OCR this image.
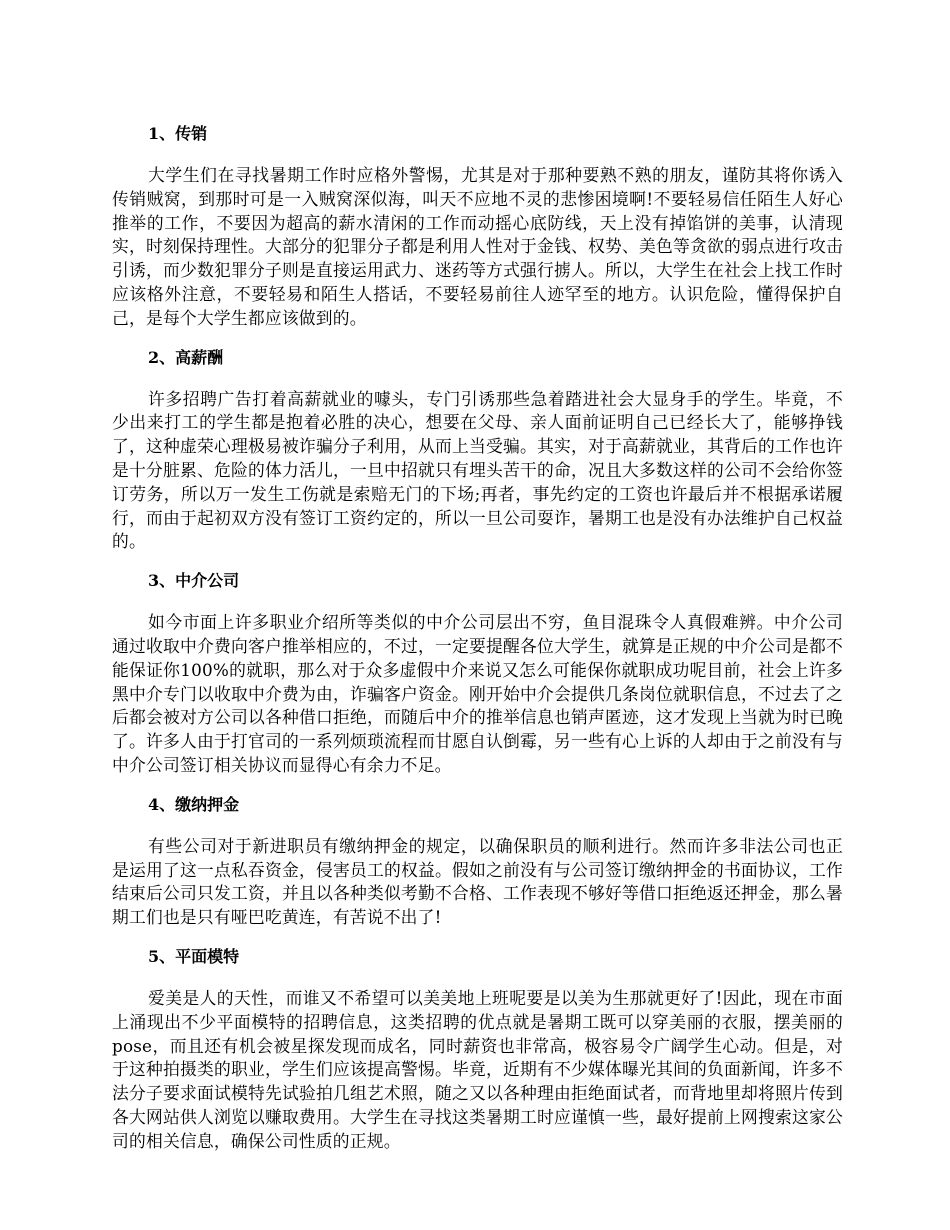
1、传销

大学生们在寻找暑期工作时应格外警惕，尤其是对于那种要熟不熟的朋友，谨防其将你诱入传销贼窝，到那时可是一入贼窝深似海，叫天不应地不灵的悲惨困境啊!不要轻易信任陌生人好心推举的工作，不要因为超高的薪水清闲的工作而动摇心底防线，天上没有掉馅饼的美事，认清现实，时刻保持理性。大部分的犯罪分子都是利用人性对于金钱、权势、美色等贪欲的弱点进行攻击引诱，而少数犯罪分子则是直接运用武力、迷药等方式强行掳人。所以，大学生在社会上找工作时应该格外注意，不要轻易和陌生人搭话，不要轻易前往人迹罕至的地方。认识危险，懂得保护自己，是每个大学生都应该做到的。

2、高薪酬

许多招聘广告打着高薪就业的噱头，专门引诱那些急着踏进社会大显身手的学生。毕竟，不少出来打工的学生都是抱着必胜的决心，想要在父母、亲人面前证明自己已经长大了，能够挣钱了，这种虚荣心理极易被诈骗分子利用，从而上当受骗。其实，对于高薪就业，其背后的工作也许是十分脏累、危险的体力活儿，一旦中招就只有埋头苦干的命，况且大多数这样的公司不会给你签订劳务，所以万一发生工伤就是索赔无门的下场;再者，事先约定的工资也许最后并不根据承诺履行，而由于起初双方没有签订工资约定的，所以一旦公司耍诈，暑期工也是没有办法维护自己权益的。

3、中介公司

如今市面上许多职业介绍所等类似的中介公司层出不穷，鱼目混珠令人真假难辨。中介公司通过收取中介费向客户推举相应的，不过，一定要提醒各位大学生，就算是正规的中介公司是都不能保证你100%的就职，那么对于众多虚假中介来说又怎么可能保你就职成功呢目前，社会上许多黑中介专门以收取中介费为由，诈骗客户资金。刚开始中介会提供几条岗位就职信息，不过去了之后都会被对方公司以各种借口拒绝，而随后中介的推举信息也销声匿迹，这才发现上当就为时已晚了。许多人由于打官司的一系列烦琐流程而甘愿自认倒霉，另一些有心上诉的人却由于之前没有与中介公司签订相关协议而显得心有余力不足。

4、缴纳押金

有些公司对于新进职员有缴纳押金的规定，以确保职员的顺利进行。然而许多非法公司也正是运用了这一点私吞资金，侵害员工的权益。假如之前没有与公司签订缴纳押金的书面协议，工作结束后公司只发工资，并且以各种类似考勤不合格、工作表现不够好等借口拒绝返还押金，那么暑期工们也是只有哑巴吃黄连，有苦说不出了!

5、平面模特

爱美是人的天性，而谁又不希望可以美美地上班呢要是以美为生那就更好了!因此，现在市面上涌现出不少平面模特的招聘信息，这类招聘的优点就是暑期工既可以穿美丽的衣服，摆美丽的pose，而且还有机会被星探发现而成名，同时薪资也非常高，极容易令广阔学生心动。但是，对于这种拍摄类的职业，学生们应该提高警惕。毕竟，近期有不少媒体曝光其间的负面新闻，许多不法分子要求面试模特先试验拍几组艺术照，随之又以各种理由拒绝面试者，而背地里却将照片传到各大网站供人浏览以赚取费用。大学生在寻找这类暑期工时应谨慎一些，最好提前上网搜索这家公司的相关信息，确保公司性质的正规。
